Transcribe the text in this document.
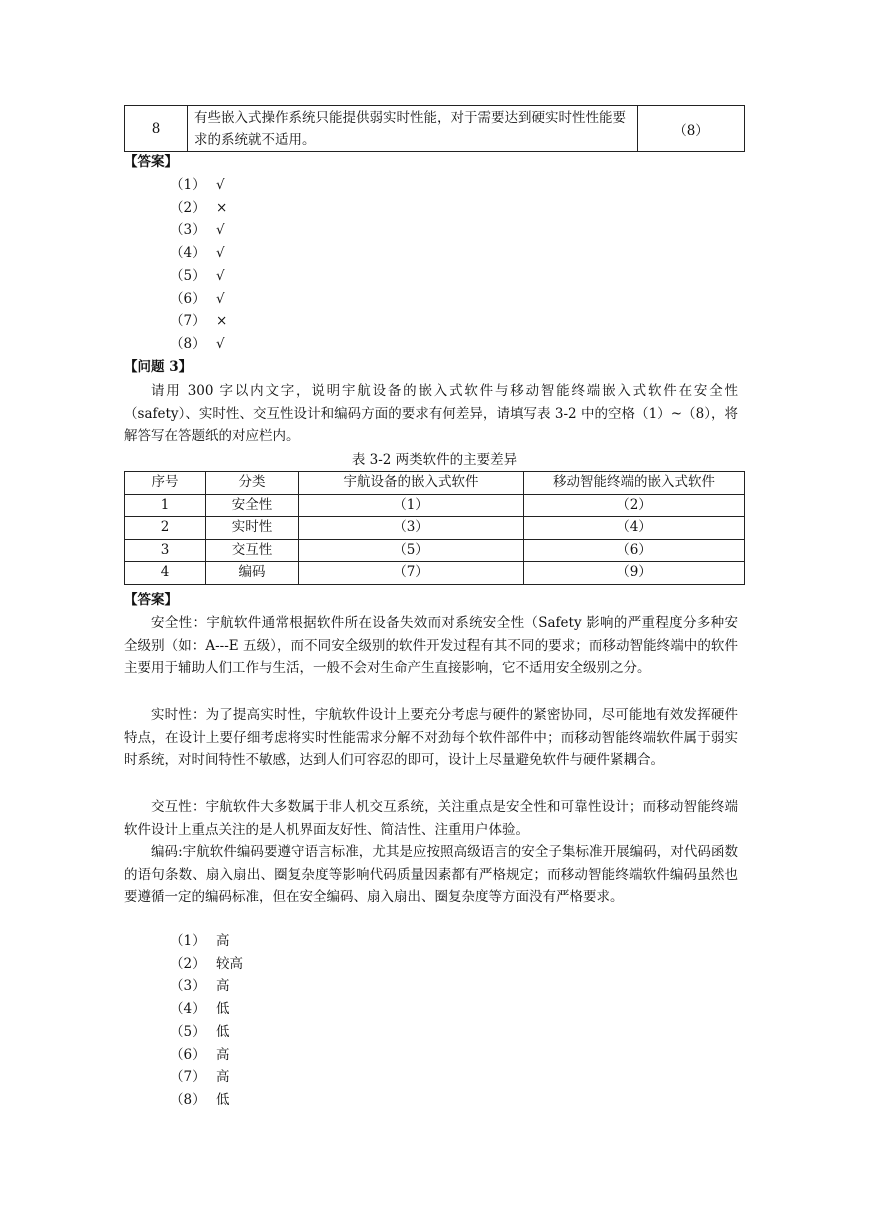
8	有些嵌入式操作系统只能提供弱实时性能，对于需要达到硬实时性性能要求的系统就不适用。	（8）
【答案】
（1） √
（2） ×
（3） √
（4） √
（5） √
（6） √
（7） ×
（8） √
【问题 3】
请用 300 字以内文字，说明宇航设备的嵌入式软件与移动智能终端嵌入式软件在安全性（safety）、实时性、交互性设计和编码方面的要求有何差异，请填写表 3-2 中的空格（1）~（8），将解答写在答题纸的对应栏内。
表 3-2 两类软件的主要差异
序号	分类	宇航设备的嵌入式软件	移动智能终端的嵌入式软件
1	安全性	（1）	（2）
2	实时性	（3）	（4）
3	交互性	（5）	（6）
4	编码	（7）	（9）
【答案】
安全性：宇航软件通常根据软件所在设备失效而对系统安全性（Safety 影响的严重程度分多种安全级别（如：A---E 五级），而不同安全级别的软件开发过程有其不同的要求；而移动智能终端中的软件主要用于辅助人们工作与生活，一般不会对生命产生直接影响，它不适用安全级别之分。
实时性：为了提高实时性，宇航软件设计上要充分考虑与硬件的紧密协同，尽可能地有效发挥硬件特点，在设计上要仔细考虑将实时性能需求分解不对劲每个软件部件中；而移动智能终端软件属于弱实时系统，对时间特性不敏感，达到人们可容忍的即可，设计上尽量避免软件与硬件紧耦合。
交互性：宇航软件大多数属于非人机交互系统，关注重点是安全性和可靠性设计；而移动智能终端软件设计上重点关注的是人机界面友好性、简洁性、注重用户体验。
编码:宇航软件编码要遵守语言标准，尤其是应按照高级语言的安全子集标准开展编码，对代码函数的语句条数、扇入扇出、圈复杂度等影响代码质量因素都有严格规定；而移动智能终端软件编码虽然也要遵循一定的编码标准，但在安全编码、扇入扇出、圈复杂度等方面没有严格要求。
（1） 高
（2） 较高
（3） 高
（4） 低
（5） 低
（6） 高
（7） 高
（8） 低
